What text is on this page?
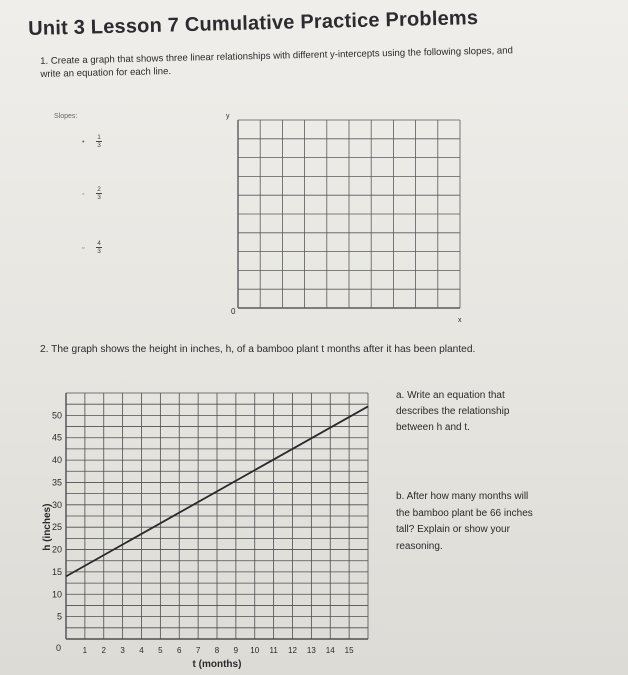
Unit 3 Lesson 7 Cumulative Practice Problems
1. Create a graph that shows three linear relationships with different y-intercepts using the following slopes, and write an equation for each line.
Slopes:
• $\frac{1}{3}$
◦ $\frac{2}{3}$
▫ $\frac{4}{3}$
y
0
x
2. The graph shows the height in inches, h, of a bamboo plant t months after it has been planted.
a. Write an equation that describes the relationship between h and t.
b. After how many months will the bamboo plant be 66 inches tall? Explain or show your reasoning.
1 2 3 4 5 6 7 8 9 10 11 12 13 14 15
5
10
15
20
25
30
35
40
45
50
0
t (months)
h (inches)
